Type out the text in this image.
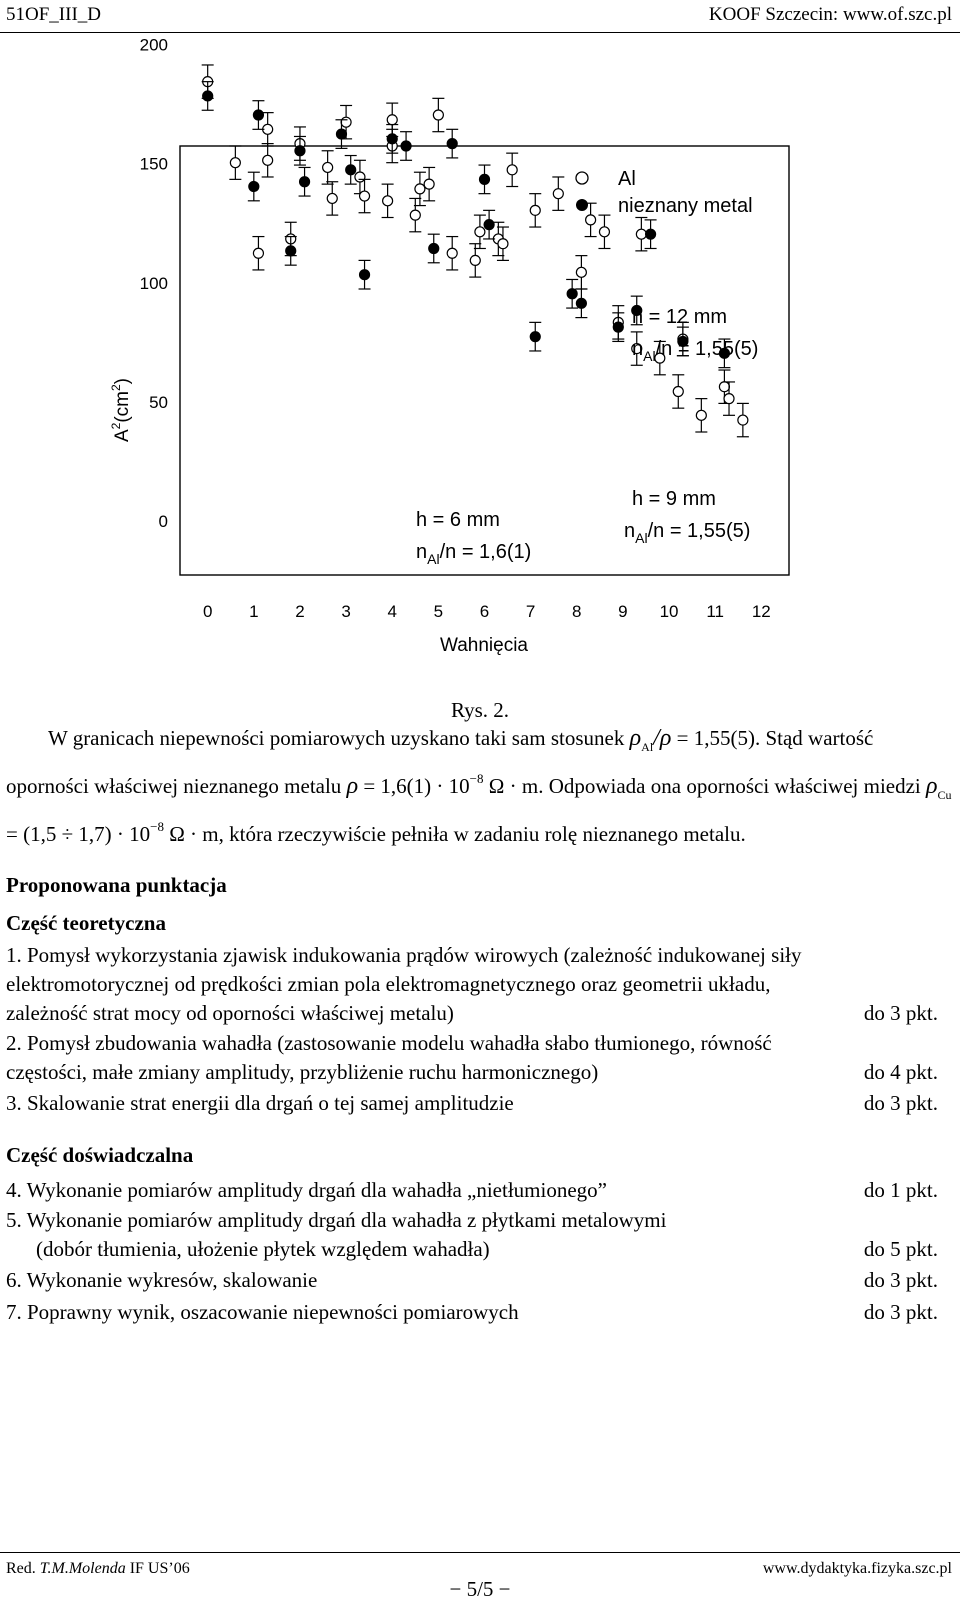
51OF_III_D	KOOF Szczecin: www.of.szc.pl
0
50
100
150
200
0 1 2 3 4 5 6 7 8 9 10 11 12
$A^2(cm^2)$
Wahnięcia
Al
nieznany metal
h = 12 mm
$n_{Al}/n = 1,55(5)$
h = 9 mm
$n_{Al}/n = 1,55(5)$
h = 6 mm
$n_{Al}/n = 1,6(1)$
Rys. 2.

W granicach niepewności pomiarowych uzyskano taki sam stosunek $\rho_{Al}/\rho = 1,55(5)$. Stąd wartość oporności właściwej nieznanego metalu $\rho = 1,6(1) \cdot 10^{-8}$ Ω · m. Odpowiada ona oporności właściwej miedzi $\rho_{Cu} = (1,5 \div 1,7) \cdot 10^{-8}$ Ω · m, która rzeczywiście pełniła w zadaniu rolę nieznanego metalu.

Proponowana punktacja
Część teoretyczna
1. Pomysł wykorzystania zjawisk indukowania prądów wirowych (zależność indukowanej siły elektromotorycznej od prędkości zmian pola elektromagnetycznego oraz geometrii układu, zależność strat mocy od oporności właściwej metalu)	do 3 pkt.
2. Pomysł zbudowania wahadła (zastosowanie modelu wahadła słabo tłumionego, równość częstości, małe zmiany amplitudy, przybliżenie ruchu harmonicznego)	do 4 pkt.
3. Skalowanie strat energii dla drgań o tej samej amplitudzie	do 3 pkt.
Część doświadczalna
4. Wykonanie pomiarów amplitudy drgań dla wahadła „nietłumionego”	do 1 pkt.
5. Wykonanie pomiarów amplitudy drgań dla wahadła z płytkami metalowymi
(dobór tłumienia, ułożenie płytek względem wahadła)	do 5 pkt.
6. Wykonanie wykresów, skalowanie	do 3 pkt.
7. Poprawny wynik, oszacowanie niepewności pomiarowych	do 3 pkt.
Red. T.M.Molenda IF US’06
− 5/5 −
www.dydaktyka.fizyka.szc.pl
